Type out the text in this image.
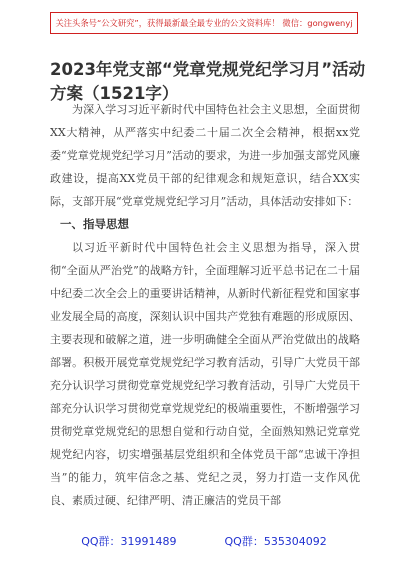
关注头条号“公文研究”，获得最新最全最专业的公文资料库！ 微信：gongwenyj
2023年党支部“党章党规党纪学习月”活动方案（1521字）

为深入学习习近平新时代中国特色社会主义思想，全面贯彻XX大精神，从严落实中纪委二十届二次全会精神，根据xx党委“党章党规党纪学习月”活动的要求，为进一步加强支部党风廉政建设，提高XX党员干部的纪律观念和规矩意识，结合XX实际，支部开展“党章党规党纪学习月”活动，具体活动安排如下：

一、指导思想

以习近平新时代中国特色社会主义思想为指导，深入贯彻“全面从严治党”的战略方针，全面理解习近平总书记在二十届中纪委二次全会上的重要讲话精神，从新时代新征程党和国家事业发展全局的高度，深刻认识中国共产党独有难题的形成原因、主要表现和破解之道，进一步明确健全全面从严治党做出的战略部署。积极开展党章党规党纪学习教育活动，引导广大党员干部充分认识学习贯彻党章党规党纪学习教育活动，引导广大党员干部充分认识学习贯彻党章党规党纪的极端重要性，不断增强学习贯彻党章党规党纪的思想自觉和行动自觉，全面熟知熟记党章党规党纪内容，切实增强基层党组织和全体党员干部“忠诚干净担当”的能力，筑牢信念之基、党纪之灵，努力打造一支作风优良、素质过硬、纪律严明、清正廉洁的党员干部

QQ群：31991489	QQ群：535304092
